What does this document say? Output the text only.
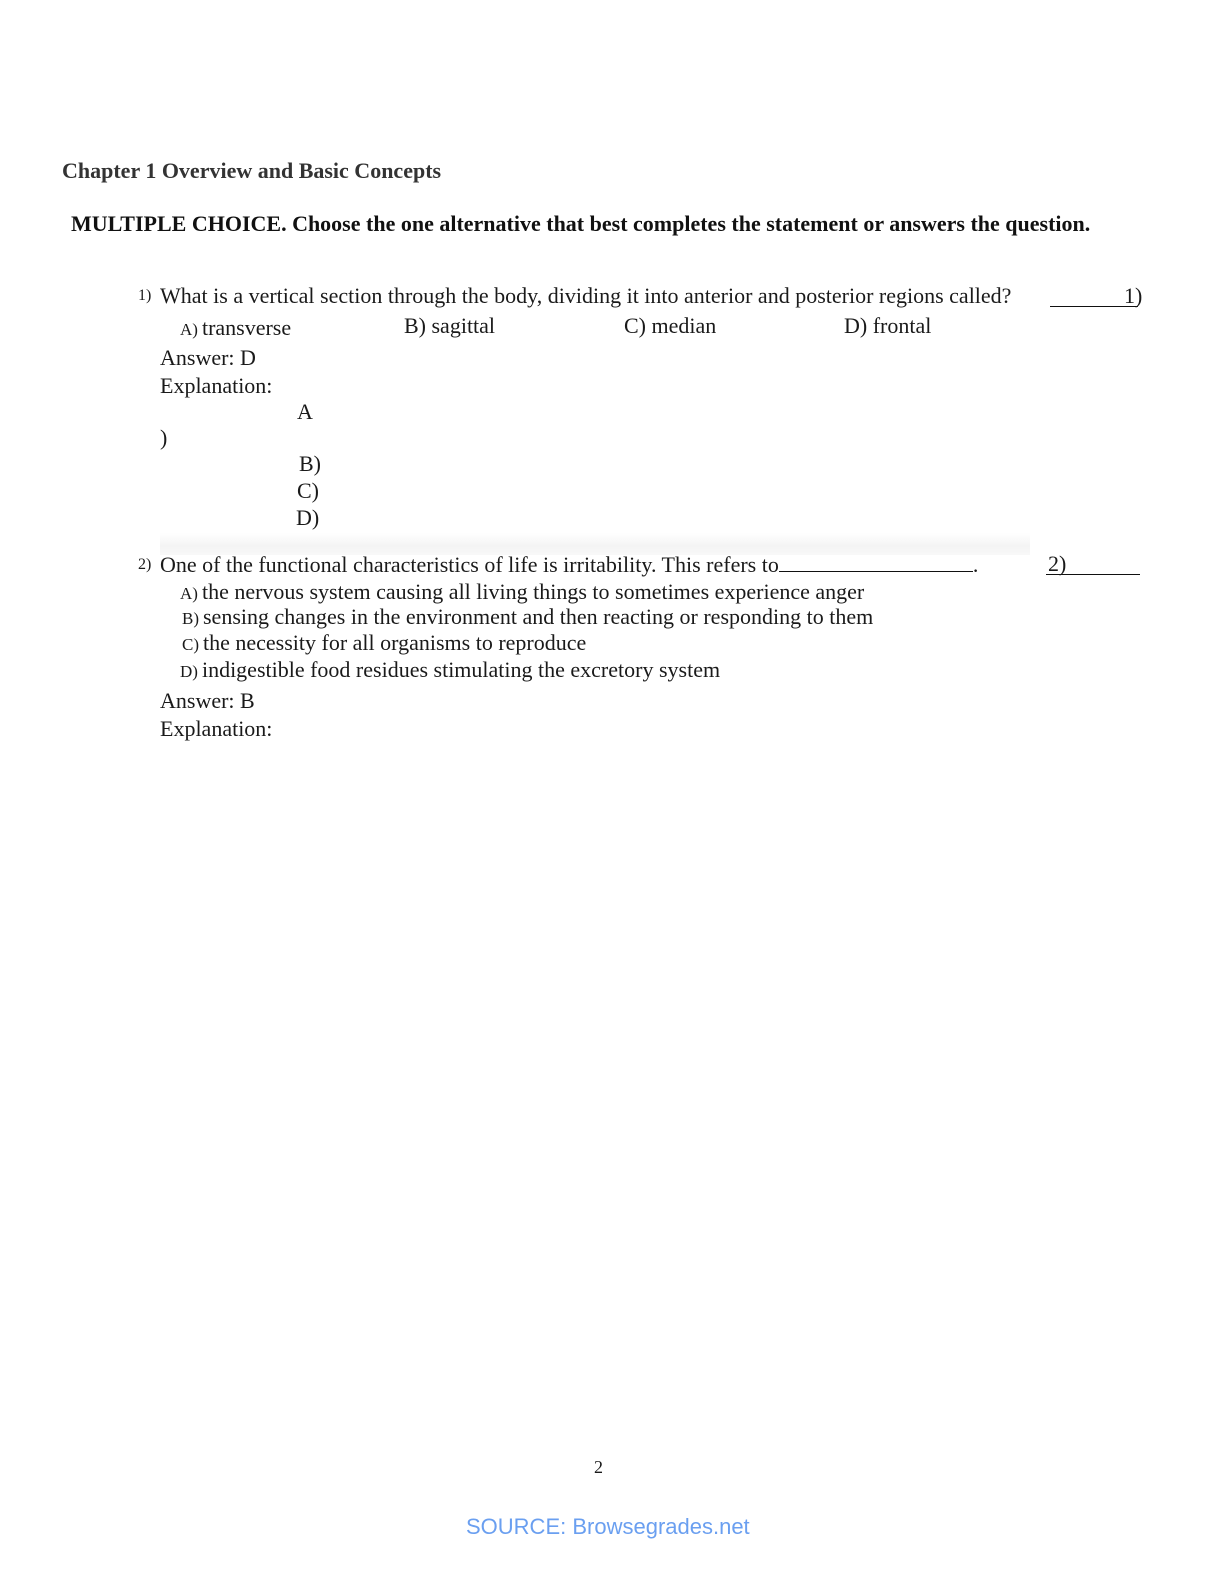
Chapter 1 Overview and Basic Concepts
MULTIPLE CHOICE. Choose the one alternative that best completes the statement or answers the question.
1) What is a vertical section through the body, dividing it into anterior and posterior regions called?	1)
A) transverse	B) sagittal	C) median	D) frontal
Answer: D
Explanation:
A
)
B)
C)
D)
2) One of the functional characteristics of life is irritability. This refers to	.	2)
A) the nervous system causing all living things to sometimes experience anger
B) sensing changes in the environment and then reacting or responding to them
C) the necessity for all organisms to reproduce
D) indigestible food residues stimulating the excretory system
Answer: B
Explanation:
2
SOURCE: Browsegrades.net
